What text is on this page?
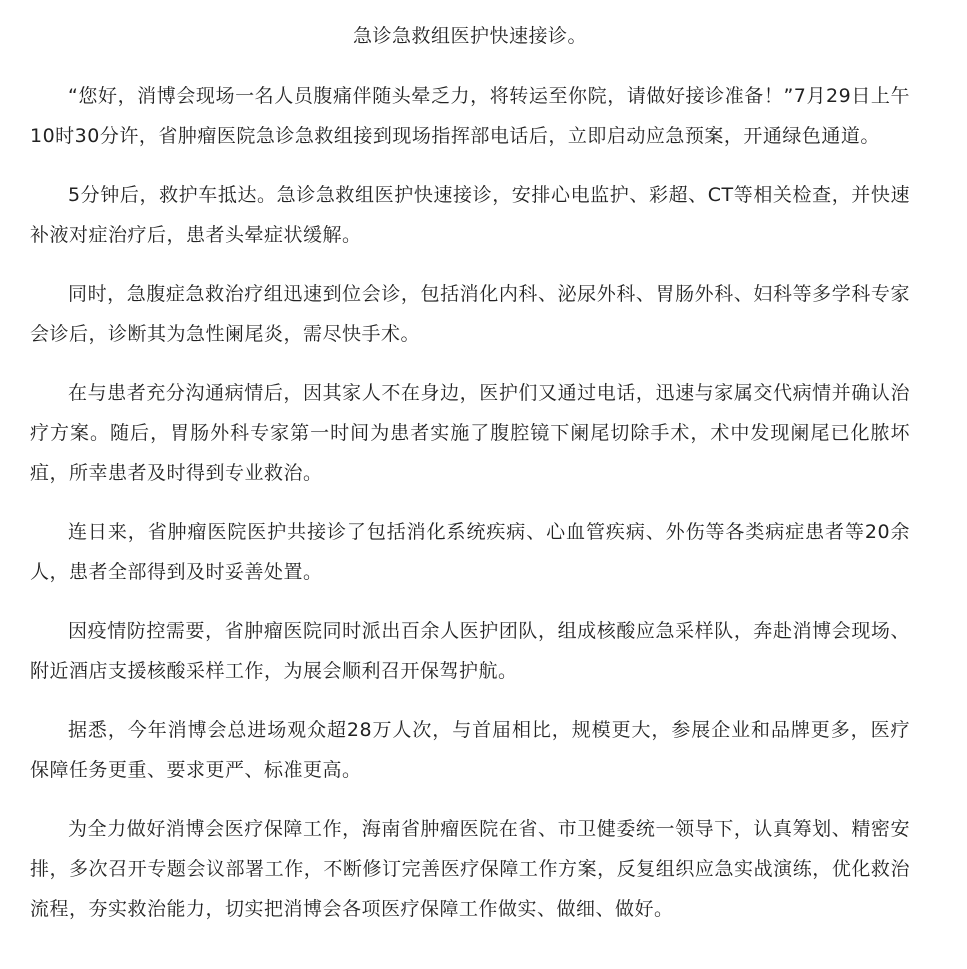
急诊急救组医护快速接诊。

“您好，消博会现场一名人员腹痛伴随头晕乏力，将转运至你院，请做好接诊准备！”7月29日上午10时30分许，省肿瘤医院急诊急救组接到现场指挥部电话后，立即启动应急预案，开通绿色通道。

5分钟后，救护车抵达。急诊急救组医护快速接诊，安排心电监护、彩超、CT等相关检查，并快速补液对症治疗后，患者头晕症状缓解。

同时，急腹症急救治疗组迅速到位会诊，包括消化内科、泌尿外科、胃肠外科、妇科等多学科专家会诊后，诊断其为急性阑尾炎，需尽快手术。

在与患者充分沟通病情后，因其家人不在身边，医护们又通过电话，迅速与家属交代病情并确认治疗方案。随后，胃肠外科专家第一时间为患者实施了腹腔镜下阑尾切除手术，术中发现阑尾已化脓坏疽，所幸患者及时得到专业救治。

连日来，省肿瘤医院医护共接诊了包括消化系统疾病、心血管疾病、外伤等各类病症患者等20余人，患者全部得到及时妥善处置。

因疫情防控需要，省肿瘤医院同时派出百余人医护团队，组成核酸应急采样队，奔赴消博会现场、附近酒店支援核酸采样工作，为展会顺利召开保驾护航。

据悉，今年消博会总进场观众超28万人次，与首届相比，规模更大，参展企业和品牌更多，医疗保障任务更重、要求更严、标准更高。

为全力做好消博会医疗保障工作，海南省肿瘤医院在省、市卫健委统一领导下，认真筹划、精密安排，多次召开专题会议部署工作，不断修订完善医疗保障工作方案，反复组织应急实战演练，优化救治流程，夯实救治能力，切实把消博会各项医疗保障工作做实、做细、做好。
